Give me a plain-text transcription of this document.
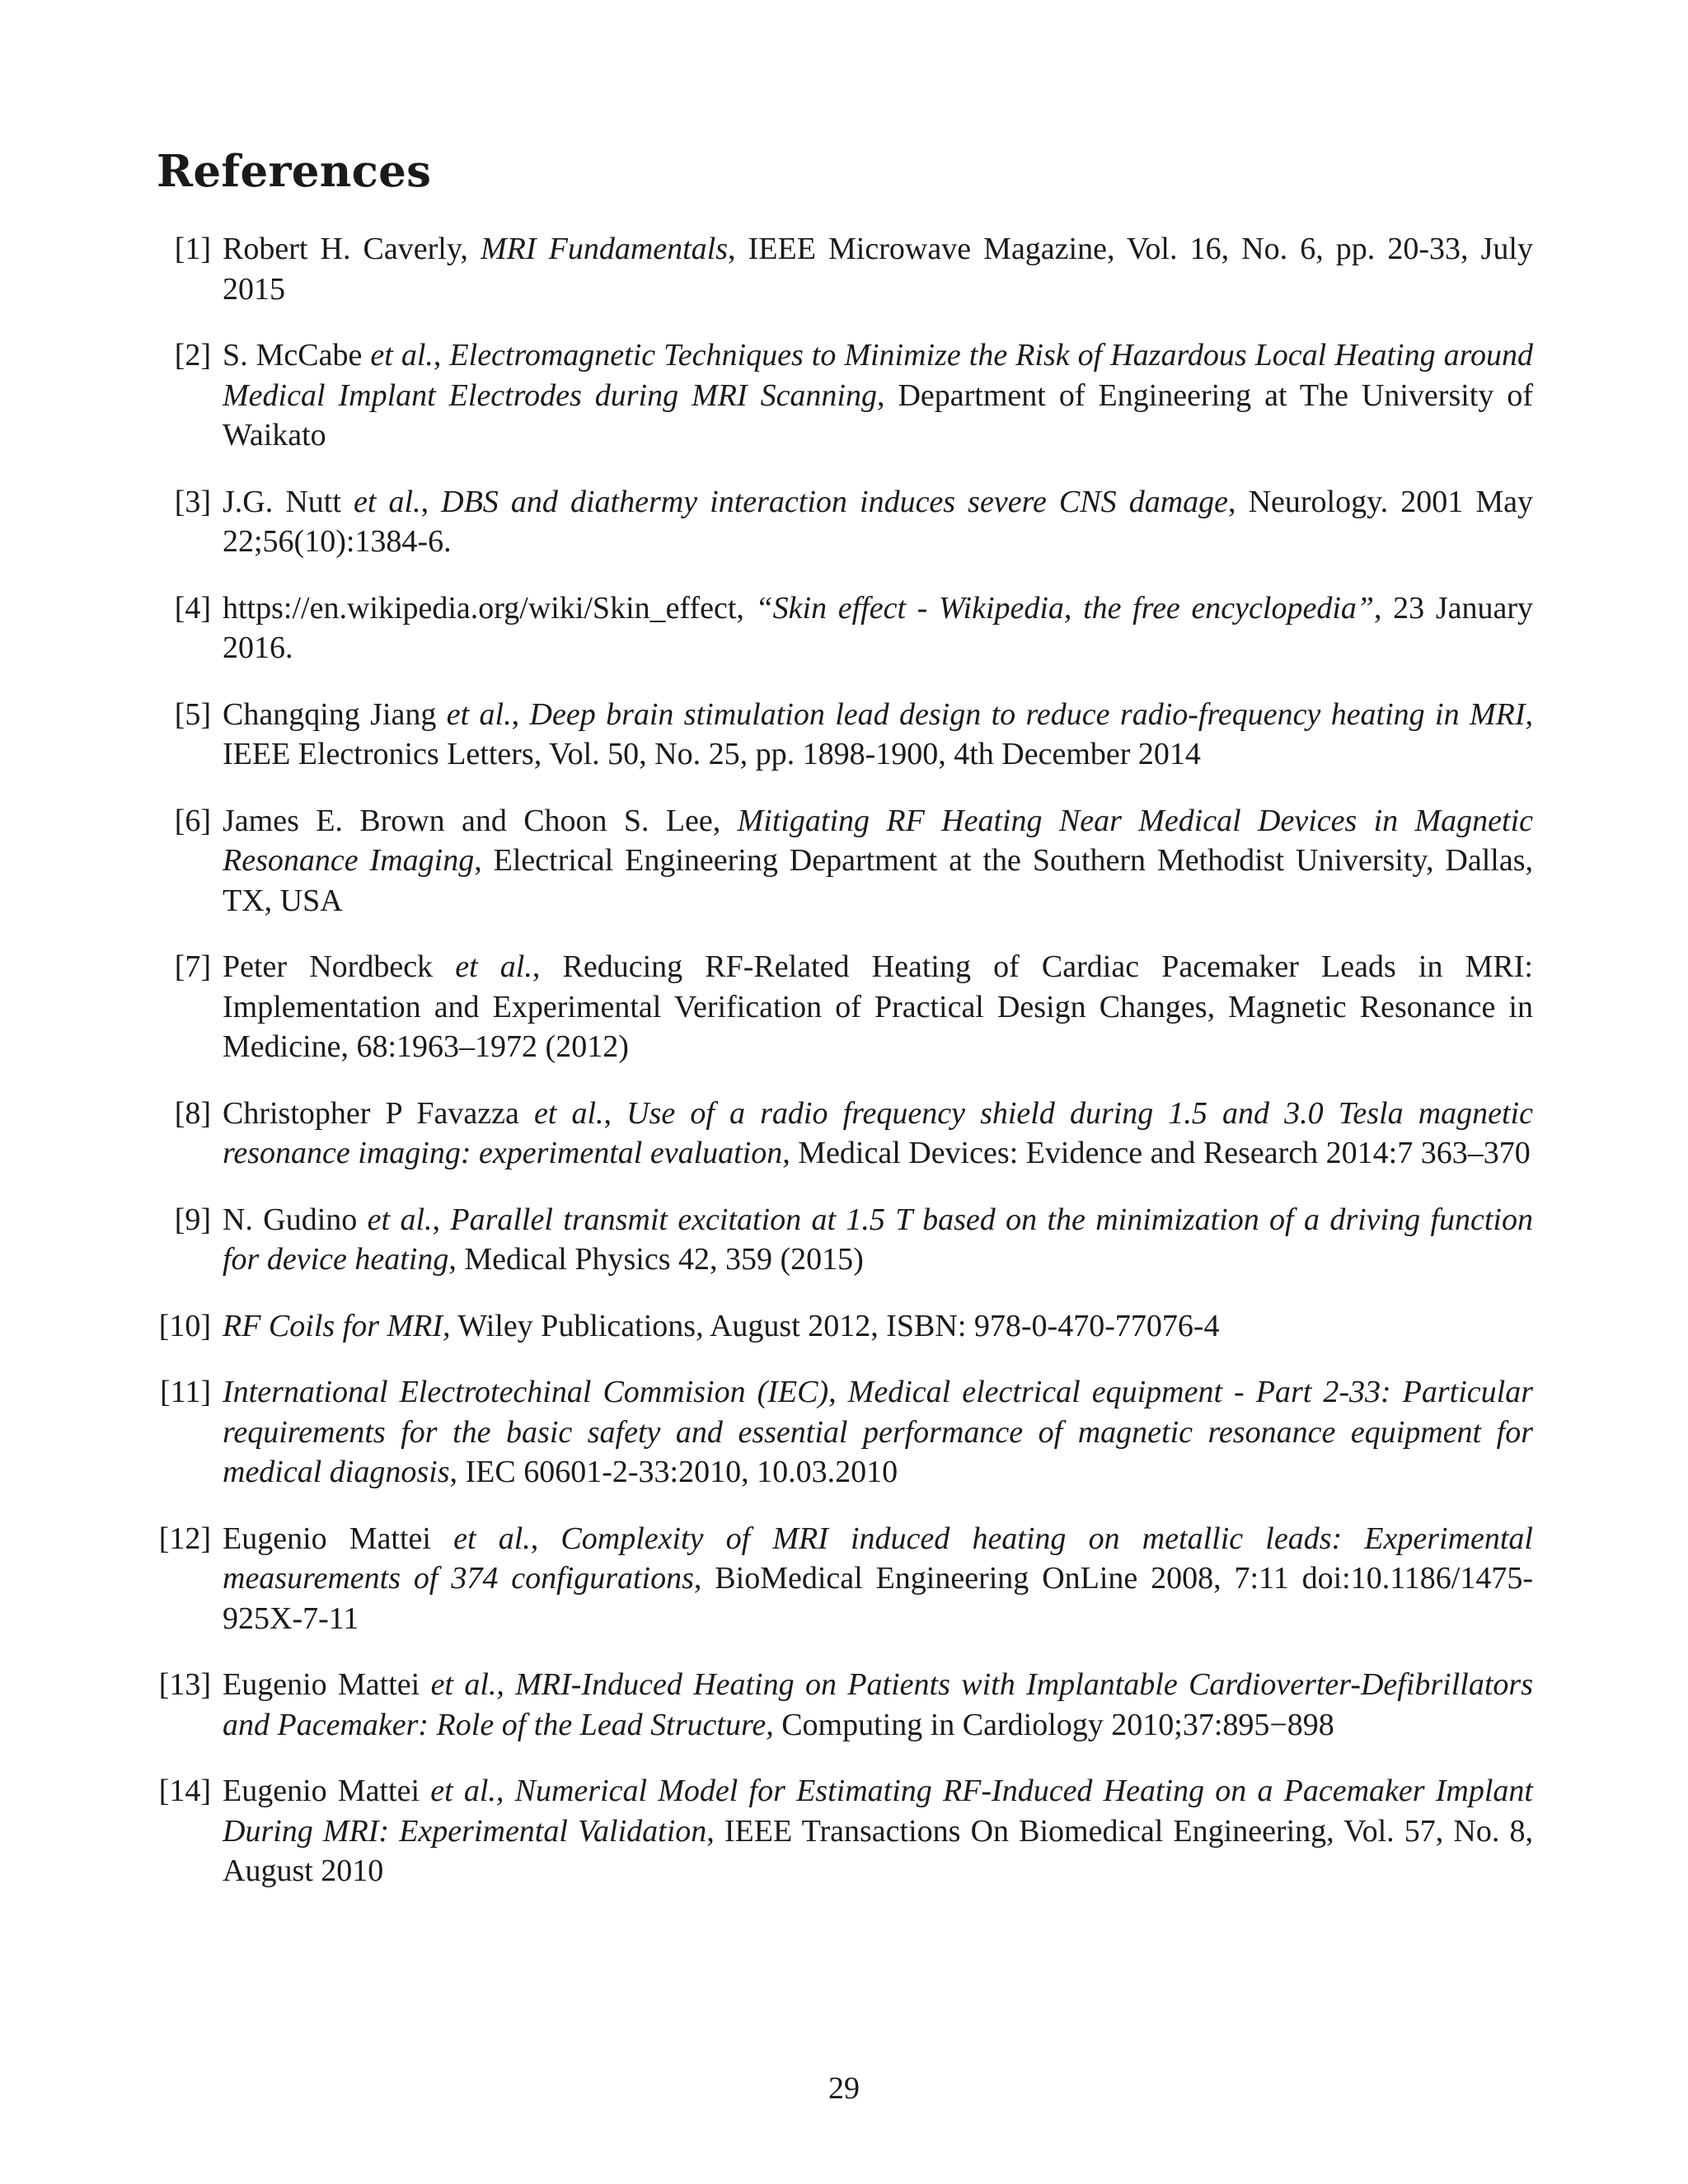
References
[1] Robert H. Caverly, MRI Fundamentals, IEEE Microwave Magazine, Vol. 16, No. 6, pp. 20-33, July 2015
[2] S. McCabe et al., Electromagnetic Techniques to Minimize the Risk of Hazardous Local Heating around Medical Implant Electrodes during MRI Scanning, Department of Engineering at The University of Waikato
[3] J.G. Nutt et al., DBS and diathermy interaction induces severe CNS damage, Neurology. 2001 May 22;56(10):1384-6.
[4] https://en.wikipedia.org/wiki/Skin_effect, “Skin effect - Wikipedia, the free encyclopedia”, 23 January 2016.
[5] Changqing Jiang et al., Deep brain stimulation lead design to reduce radio-frequency heating in MRI, IEEE Electronics Letters, Vol. 50, No. 25, pp. 1898-1900, 4th December 2014
[6] James E. Brown and Choon S. Lee, Mitigating RF Heating Near Medical Devices in Magnetic Resonance Imaging, Electrical Engineering Department at the Southern Methodist University, Dallas, TX, USA
[7] Peter Nordbeck et al., Reducing RF-Related Heating of Cardiac Pacemaker Leads in MRI: Implementation and Experimental Verification of Practical Design Changes, Magnetic Resonance in Medicine, 68:1963–1972 (2012)
[8] Christopher P Favazza et al., Use of a radio frequency shield during 1.5 and 3.0 Tesla magnetic resonance imaging: experimental evaluation, Medical Devices: Evidence and Research 2014:7 363–370
[9] N. Gudino et al., Parallel transmit excitation at 1.5 T based on the minimization of a driving function for device heating, Medical Physics 42, 359 (2015)
[10] RF Coils for MRI, Wiley Publications, August 2012, ISBN: 978-0-470-77076-4
[11] International Electrotechinal Commision (IEC), Medical electrical equipment - Part 2-33: Particular requirements for the basic safety and essential performance of magnetic resonance equipment for medical diagnosis, IEC 60601-2-33:2010, 10.03.2010
[12] Eugenio Mattei et al., Complexity of MRI induced heating on metallic leads: Experimental measurements of 374 configurations, BioMedical Engineering OnLine 2008, 7:11 doi:10.1186/1475-925X-7-11
[13] Eugenio Mattei et al., MRI-Induced Heating on Patients with Implantable Cardioverter-Defibrillators and Pacemaker: Role of the Lead Structure, Computing in Cardiology 2010;37:895−898
[14] Eugenio Mattei et al., Numerical Model for Estimating RF-Induced Heating on a Pacemaker Implant During MRI: Experimental Validation, IEEE Transactions On Biomedical Engineering, Vol. 57, No. 8, August 2010
29
